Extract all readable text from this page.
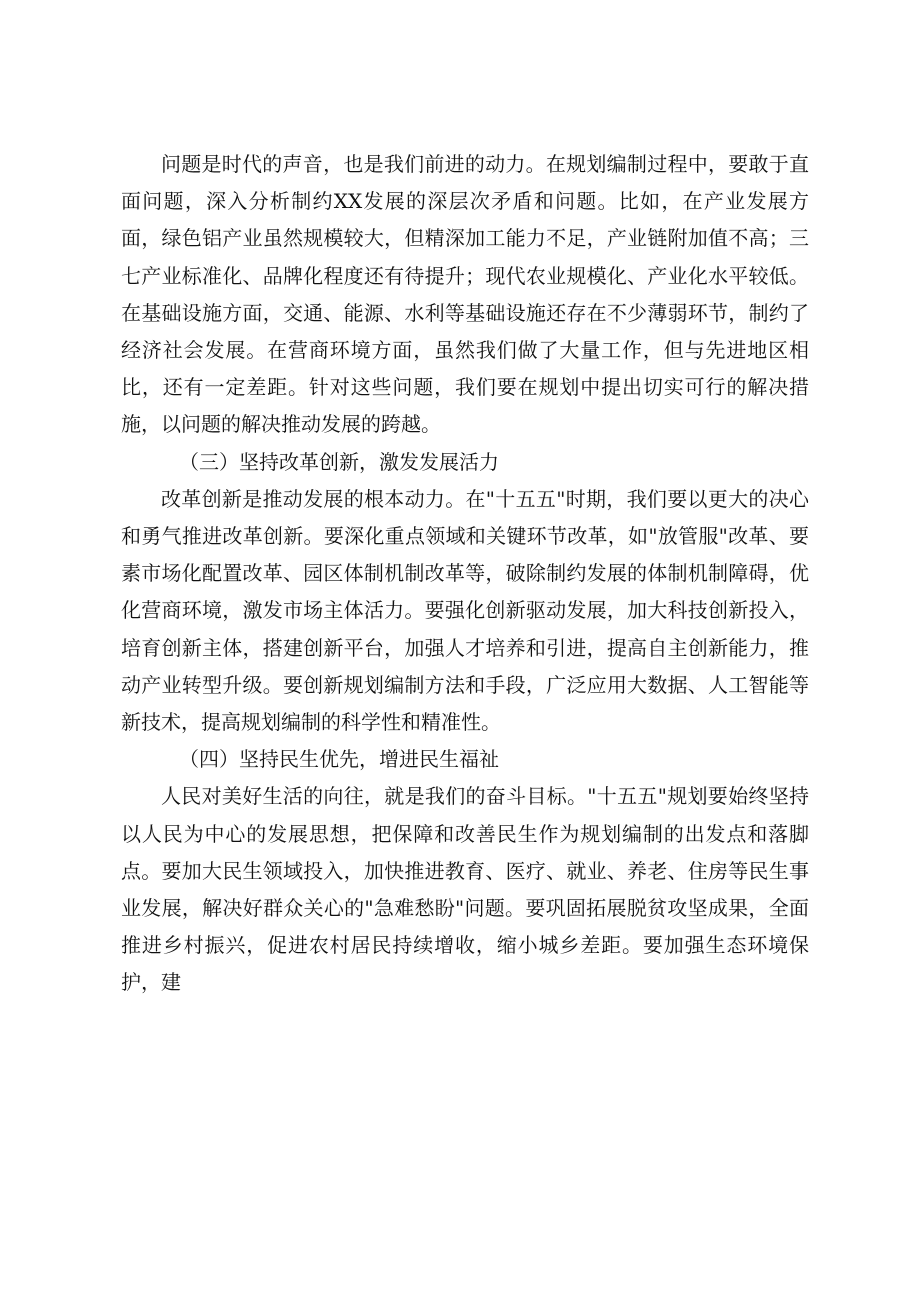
问题是时代的声音，也是我们前进的动力。在规划编制过程中，要敢于直面问题，深入分析制约XX发展的深层次矛盾和问题。比如，在产业发展方面，绿色铝产业虽然规模较大，但精深加工能力不足，产业链附加值不高；三七产业标准化、品牌化程度还有待提升；现代农业规模化、产业化水平较低。在基础设施方面，交通、能源、水利等基础设施还存在不少薄弱环节，制约了经济社会发展。在营商环境方面，虽然我们做了大量工作，但与先进地区相比，还有一定差距。针对这些问题，我们要在规划中提出切实可行的解决措施，以问题的解决推动发展的跨越。

（三）坚持改革创新，激发发展活力

改革创新是推动发展的根本动力。在"十五五"时期，我们要以更大的决心和勇气推进改革创新。要深化重点领域和关键环节改革，如"放管服"改革、要素市场化配置改革、园区体制机制改革等，破除制约发展的体制机制障碍，优化营商环境，激发市场主体活力。要强化创新驱动发展，加大科技创新投入，培育创新主体，搭建创新平台，加强人才培养和引进，提高自主创新能力，推动产业转型升级。要创新规划编制方法和手段，广泛应用大数据、人工智能等新技术，提高规划编制的科学性和精准性。

（四）坚持民生优先，增进民生福祉

人民对美好生活的向往，就是我们的奋斗目标。"十五五"规划要始终坚持以人民为中心的发展思想，把保障和改善民生作为规划编制的出发点和落脚点。要加大民生领域投入，加快推进教育、医疗、就业、养老、住房等民生事业发展，解决好群众关心的"急难愁盼"问题。要巩固拓展脱贫攻坚成果，全面推进乡村振兴，促进农村居民持续增收，缩小城乡差距。要加强生态环境保护，建
